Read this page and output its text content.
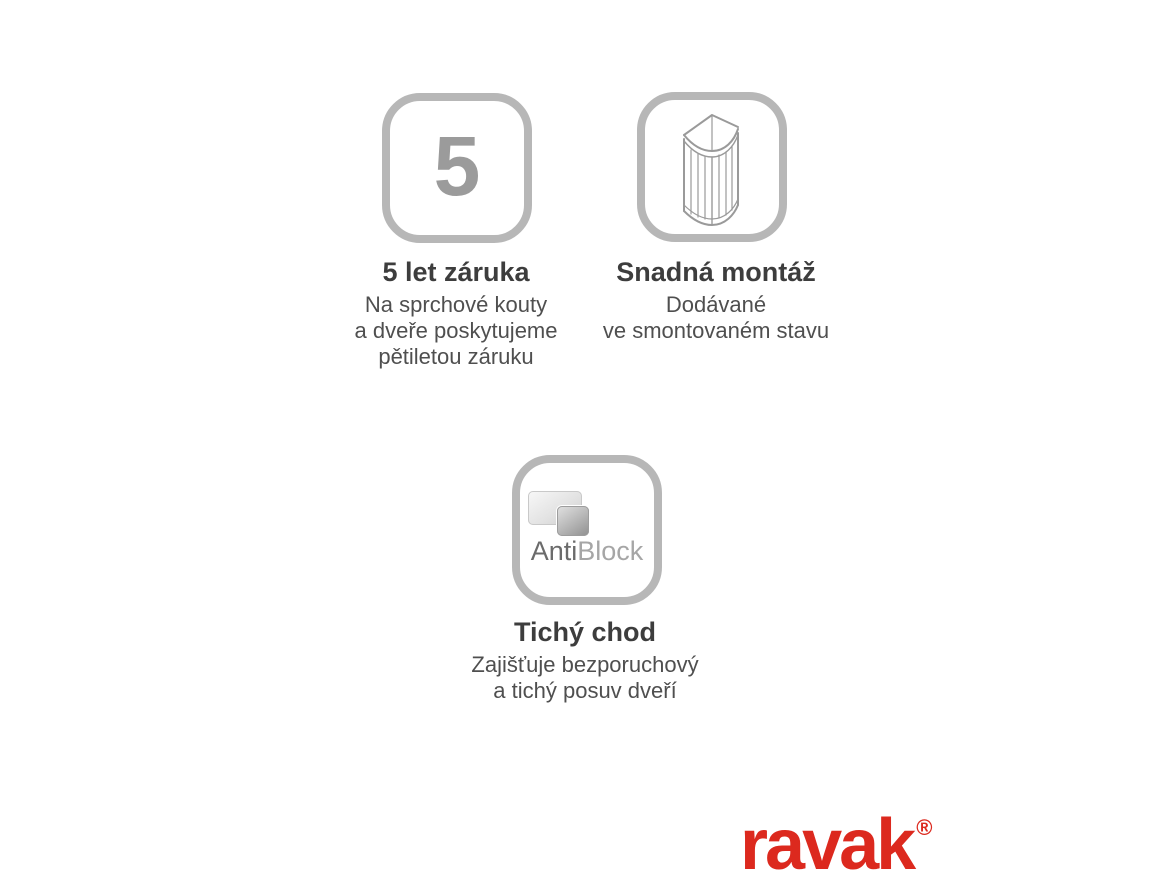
5
5 let záruka
Na sprchové kouty
a dveře poskytujeme
pětiletou záruku
Snadná montáž
Dodávané
ve smontovaném stavu
AntiBlock
Tichý chod
Zajišťuje bezporuchový
a tichý posuv dveří
ravak ®
